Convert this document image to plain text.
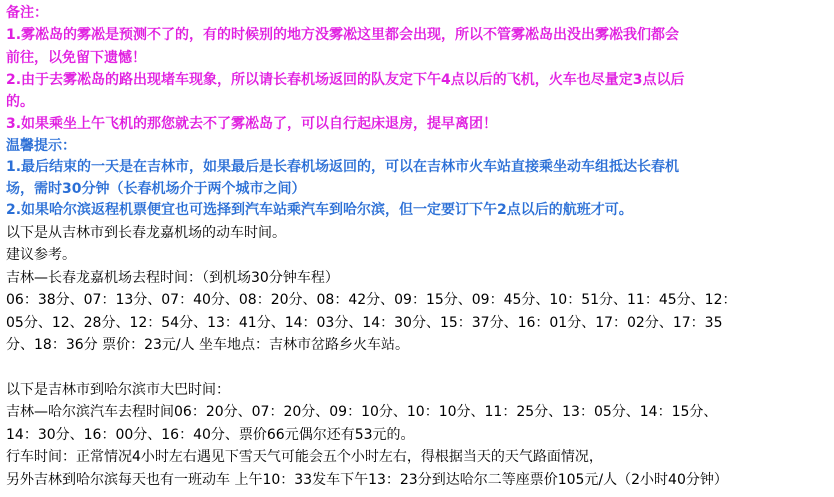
备注：

1.雾凇岛的雾凇是预测不了的，有的时候别的地方没雾凇这里都会出现，所以不管雾凇岛出没出雾凇我们都会

前往，以免留下遗憾！

2.由于去雾凇岛的路出现堵车现象，所以请长春机场返回的队友定下午4点以后的飞机，火车也尽量定3点以后

的。

3.如果乘坐上午飞机的那您就去不了雾凇岛了，可以自行起床退房，提早离团！

温馨提示：

1.最后结束的一天是在吉林市，如果最后是长春机场返回的，可以在吉林市火车站直接乘坐动车组抵达长春机

场，需时30分钟（长春机场介于两个城市之间）

2.如果哈尔滨返程机票便宜也可选择到汽车站乘汽车到哈尔滨，但一定要订下午2点以后的航班才可。

以下是从吉林市到长春龙嘉机场的动车时间。

建议参考。

吉林—长春龙嘉机场去程时间：（到机场30分钟车程）

06：38分、07：13分、07：40分、08：20分、08：42分、09：15分、09：45分、10：51分、11：45分、12：

05分、12、28分、12：54分、13：41分、14：03分、14：30分、15：37分、16：01分、17：02分、17：35

分、18：36分 票价：23元/人 坐车地点：吉林市岔路乡火车站。

以下是吉林市到哈尔滨市大巴时间：

吉林—哈尔滨汽车去程时间06：20分、07：20分、09：10分、10：10分、11：25分、13：05分、14：15分、

14：30分、16：00分、16：40分、票价66元偶尔还有53元的。

行车时间：正常情况4小时左右遇见下雪天气可能会五个小时左右，得根据当天的天气路面情况，

另外吉林到哈尔滨每天也有一班动车 上午10：33发车下午13：23分到达哈尔二等座票价105元/人（2小时40分钟）
